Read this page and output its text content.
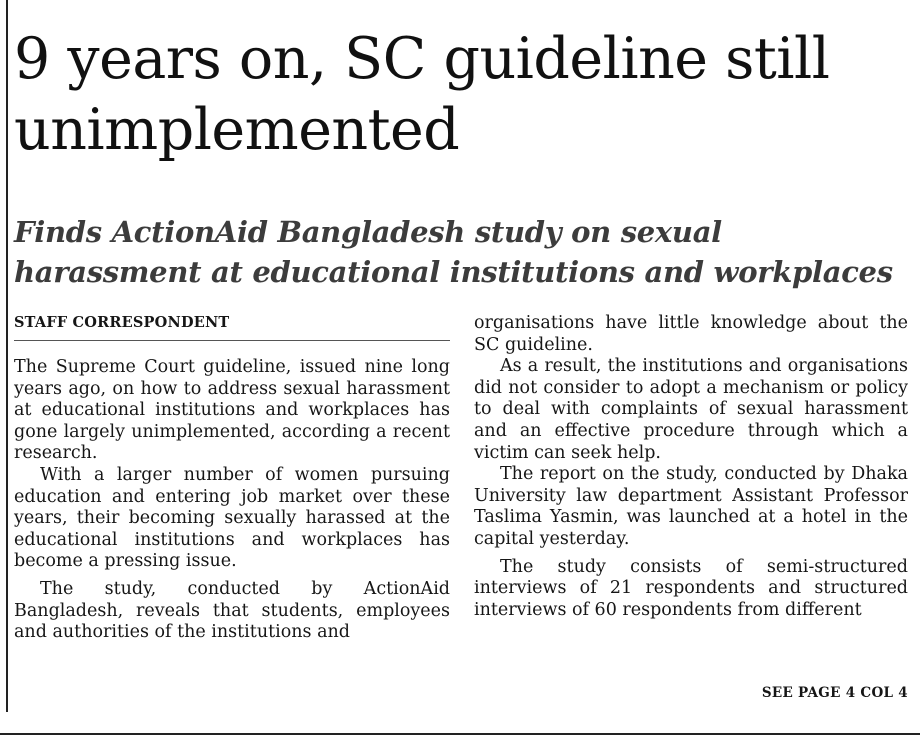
9 years on, SC guideline still unimplemented
Finds ActionAid Bangladesh study on sexual harassment at educational institutions and workplaces
STAFF CORRESPONDENT

The Supreme Court guideline, issued nine long years ago, on how to address sexual harassment at educational institutions and workplaces has gone largely unimplemented, according a recent research.

With a larger number of women pursuing education and entering job market over these years, their becoming sexually harassed at the educational institutions and workplaces has become a pressing issue.

The study, conducted by ActionAid Bangladesh, reveals that students, employees and authorities of the institutions and

organisations have little knowledge about the SC guideline.

As a result, the institutions and organisations did not consider to adopt a mechanism or policy to deal with complaints of sexual harassment and an effective procedure through which a victim can seek help.

The report on the study, conducted by Dhaka University law department Assistant Professor Taslima Yasmin, was launched at a hotel in the capital yesterday.

The study consists of semi-structured interviews of 21 respondents and structured interviews of 60 respondents from different

SEE PAGE 4 COL 4
